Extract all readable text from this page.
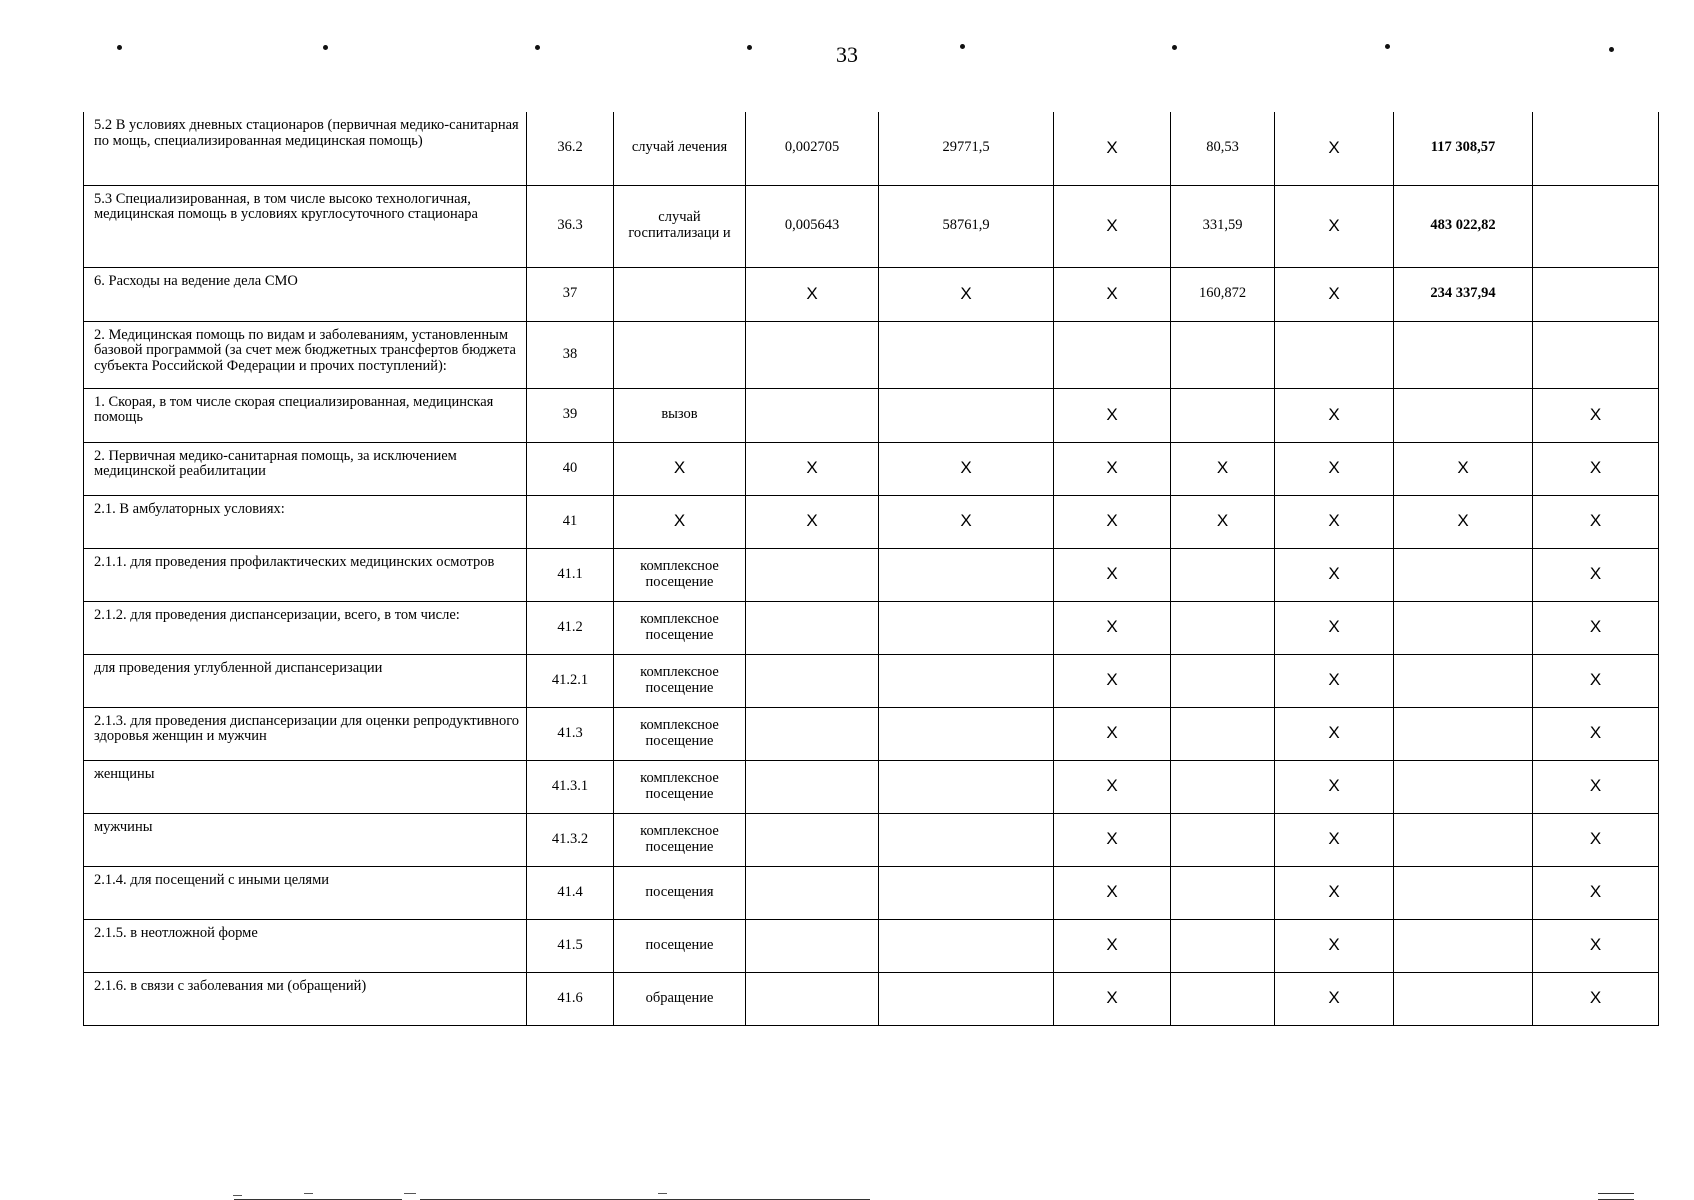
33
5.2 В условиях дневных стационаров (первичная медико-санитарная по мощь, специализированная медицинская помощь)	36.2	случай лечения	0,002705	29771,5	X	80,53	X	117 308,57	
5.3 Специализированная, в том числе высоко технологичная, медицинская помощь в условиях круглосуточного стационара	36.3	случай госпитализаци и	0,005643	58761,9	X	331,59	X	483 022,82	
6. Расходы на ведение дела СМО	37		X	X	X	160,872	X	234 337,94	
2. Медицинская помощь по видам и заболеваниям, установленным базовой программой (за счет меж бюджетных трансфертов бюджета субъекта Российской Федерации и прочих поступлений):	38								
1. Скорая, в том числе скорая специализированная, медицинская помощь	39	вызов			X		X		X
2. Первичная медико-санитарная помощь, за исключением медицинской реабилитации	40	X	X	X	X	X	X	X	X
2.1. В амбулаторных условиях:	41	X	X	X	X	X	X	X	X
2.1.1. для проведения профилактических медицинских осмотров	41.1	комплексное посещение			X		X		X
2.1.2. для проведения диспансеризации, всего, в том числе:	41.2	комплексное посещение			X		X		X
для проведения углубленной диспансеризации	41.2.1	комплексное посещение			X		X		X
2.1.3. для проведения диспансеризации для оценки репродуктивного здоровья женщин и мужчин	41.3	комплексное посещение			X		X		X
женщины	41.3.1	комплексное посещение			X		X		X
мужчины	41.3.2	комплексное посещение			X		X		X
2.1.4. для посещений с иными целями	41.4	посещения			X		X		X
2.1.5. в неотложной форме	41.5	посещение			X		X		X
2.1.6. в связи с заболевания ми (обращений)	41.6	обращение			X		X		X
